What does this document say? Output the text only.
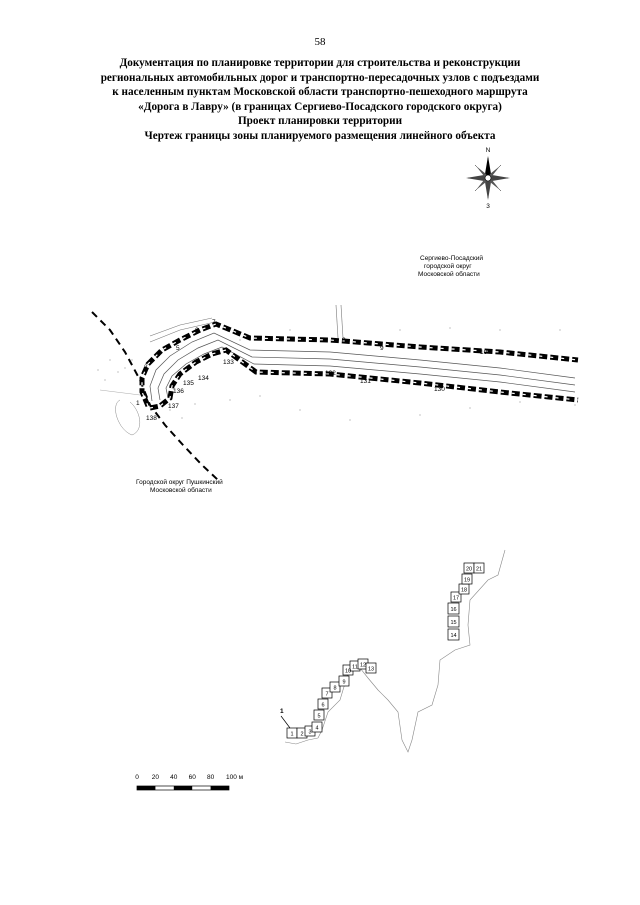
58
Документация по планировке территории для строительства и реконструкции
региональных автомобильных дорог и транспортно-пересадочных узлов с подъездами
к населенным пунктам Московской области транспортно-пешеходного маршрута
«Дорога в Лавру» (в границах Сергиево-Посадского городского округа)
Проект планировки территории
Чертеж границы зоны планируемого размещения линейного объекта
N
3
Сергиево-Посадский
городской округ
Московской области
Городской округ Пушкинский
Московской области
1
2
3
4
5
6
7
8
9
10
130
131
132
133
134
135
136
137
138
1 2 3
4
5
6
7
8
9
10
11 12
13
14
15
16
17
18
19
20 21
1
0 20 40 60 80 100 м
